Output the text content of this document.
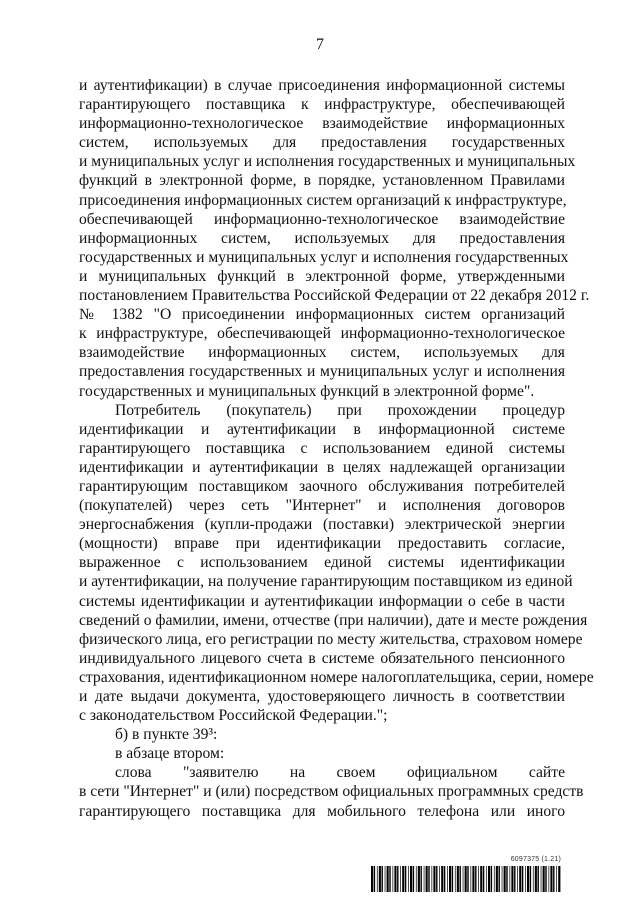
7
и аутентификации) в случае присоединения информационной системы
гарантирующего поставщика к инфраструктуре, обеспечивающей
информационно-технологическое взаимодействие информационных
систем, используемых для предоставления государственных
и муниципальных услуг и исполнения государственных и муниципальных
функций в электронной форме, в порядке, установленном Правилами
присоединения информационных систем организаций к инфраструктуре,
обеспечивающей информационно-технологическое взаимодействие
информационных систем, используемых для предоставления
государственных и муниципальных услуг и исполнения государственных
и муниципальных функций в электронной форме, утвержденными
постановлением Правительства Российской Федерации от 22 декабря 2012 г.
№ 1382 "О присоединении информационных систем организаций
к инфраструктуре, обеспечивающей информационно-технологическое
взаимодействие информационных систем, используемых для
предоставления государственных и муниципальных услуг и исполнения
государственных и муниципальных функций в электронной форме".
Потребитель (покупатель) при прохождении процедур
идентификации и аутентификации в информационной системе
гарантирующего поставщика с использованием единой системы
идентификации и аутентификации в целях надлежащей организации
гарантирующим поставщиком заочного обслуживания потребителей
(покупателей) через сеть "Интернет" и исполнения договоров
энергоснабжения (купли-продажи (поставки) электрической энергии
(мощности) вправе при идентификации предоставить согласие,
выраженное с использованием единой системы идентификации
и аутентификации, на получение гарантирующим поставщиком из единой
системы идентификации и аутентификации информации о себе в части
сведений о фамилии, имени, отчестве (при наличии), дате и месте рождения
физического лица, его регистрации по месту жительства, страховом номере
индивидуального лицевого счета в системе обязательного пенсионного
страхования, идентификационном номере налогоплательщика, серии, номере
и дате выдачи документа, удостоверяющего личность в соответствии
с законодательством Российской Федерации.";
б) в пункте 39³:
в абзаце втором:
слова "заявителю на своем официальном сайте
в сети "Интернет" и (или) посредством официальных программных средств
гарантирующего поставщика для мобильного телефона или иного
6097375 (1.21)
